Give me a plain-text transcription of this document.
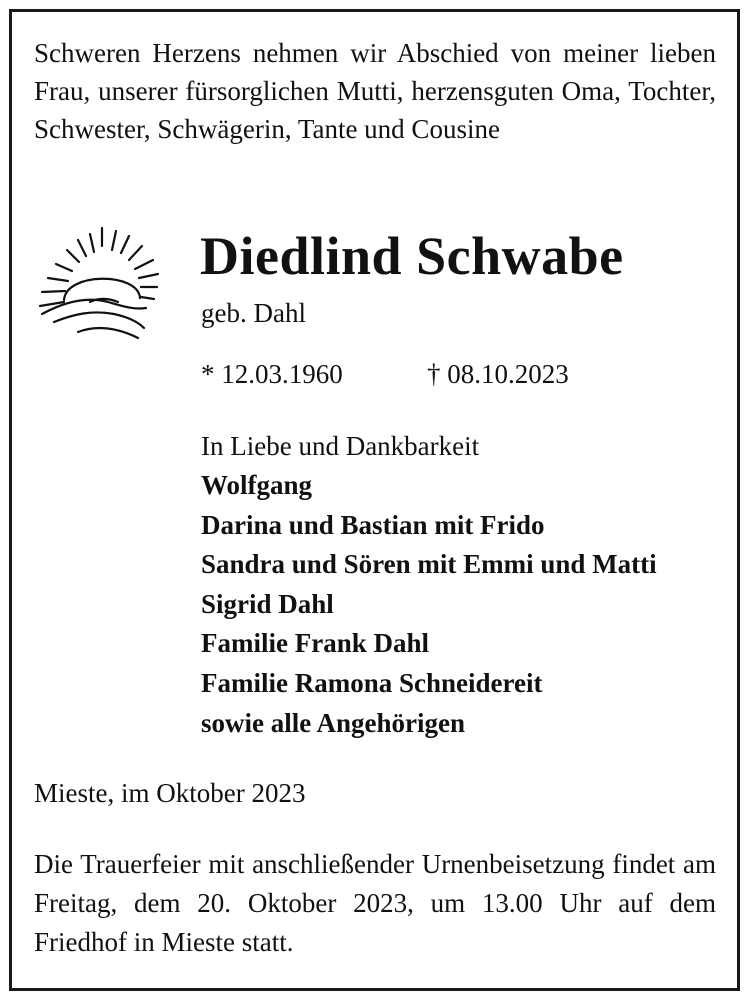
Schweren Herzens nehmen wir Abschied von meiner lieben Frau, unserer fürsorglichen Mutti, herzensguten Oma, Tochter, Schwester, Schwägerin, Tante und Cousine

Diedlind Schwabe
geb. Dahl
* 12.03.1960	† 08.10.2023
In Liebe und Dankbarkeit
Wolfgang
Darina und Bastian mit Frido
Sandra und Sören mit Emmi und Matti
Sigrid Dahl
Familie Frank Dahl
Familie Ramona Schneidereit
sowie alle Angehörigen
Mieste, im Oktober 2023

Die Trauerfeier mit anschließender Urnenbeisetzung findet am Freitag, dem 20. Oktober 2023, um 13.00 Uhr auf dem Friedhof in Mieste statt.
